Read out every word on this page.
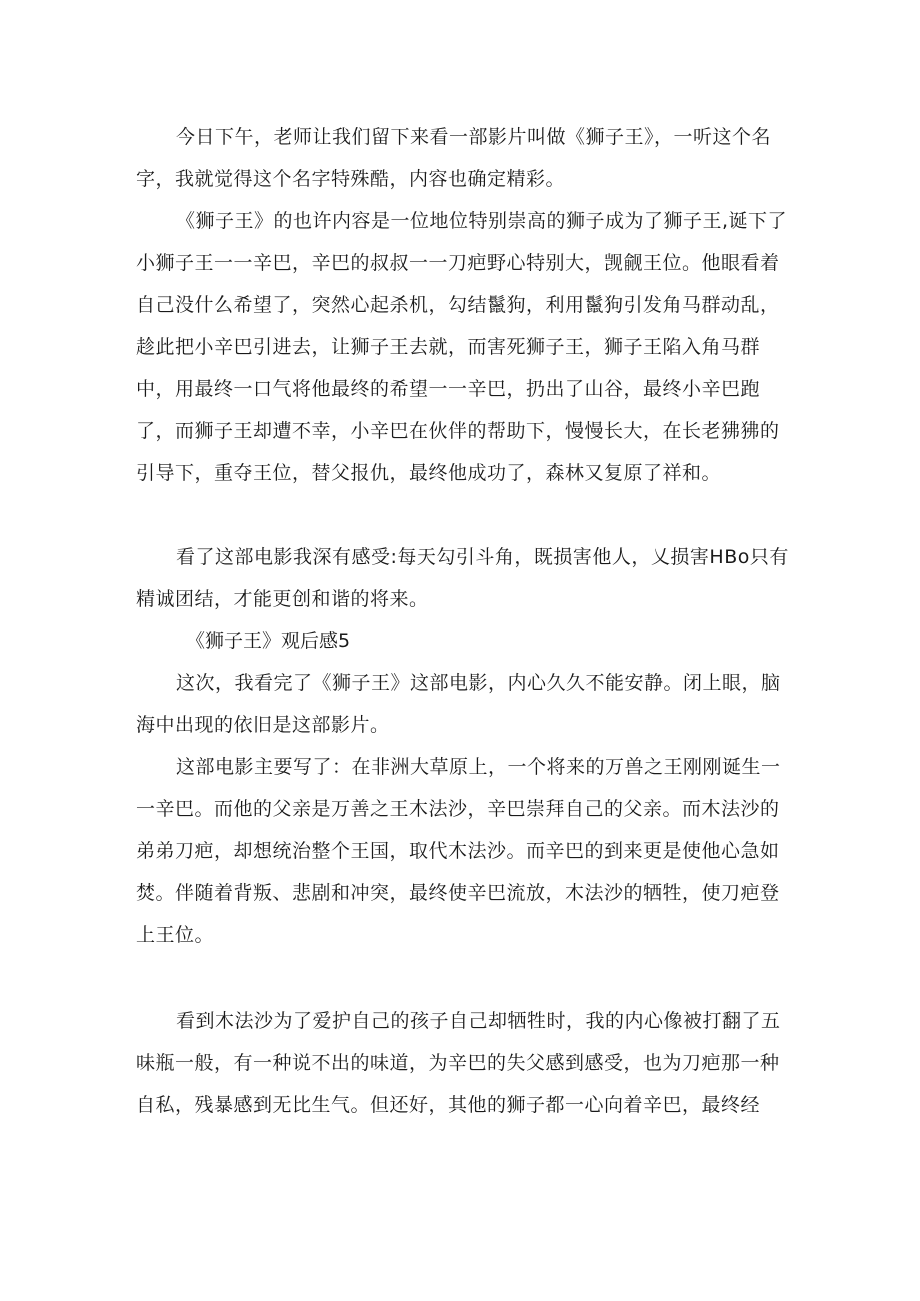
今日下午，老师让我们留下来看一部影片叫做《狮子王》，一听这个名字，我就觉得这个名字特殊酷，内容也确定精彩。

《狮子王》的也许内容是一位地位特别崇高的狮子成为了狮子王,诞下了小狮子王一一辛巴，辛巴的叔叔一一刀疤野心特别大，觊觎王位。他眼看着自己没什么希望了，突然心起杀机，勾结鬣狗，利用鬣狗引发角马群动乱，趁此把小辛巴引进去，让狮子王去就，而害死狮子王，狮子王陷入角马群中，用最终一口气将他最终的希望一一辛巴，扔出了山谷，最终小辛巴跑了，而狮子王却遭不幸，小辛巴在伙伴的帮助下，慢慢长大，在长老狒狒的引导下，重夺王位，替父报仇，最终他成功了，森林又复原了祥和。

看了这部电影我深有感受:每天勾引斗角，既损害他人，乂损害HBo只有精诚团结，才能更创和谐的将来。

《狮子王》观后感5

这次，我看完了《狮子王》这部电影，内心久久不能安静。闭上眼，脑海中出现的依旧是这部影片。

这部电影主要写了：在非洲大草原上，一个将来的万兽之王刚刚诞生一一辛巴。而他的父亲是万善之王木法沙，辛巴崇拜自己的父亲。而木法沙的弟弟刀疤，却想统治整个王国，取代木法沙。而辛巴的到来更是使他心急如焚。伴随着背叛、悲剧和冲突，最终使辛巴流放，木法沙的牺牲，使刀疤登上王位。

看到木法沙为了爱护自己的孩子自己却牺牲时，我的内心像被打翻了五味瓶一般，有一种说不出的味道，为辛巴的失父感到感受，也为刀疤那一种自私，残暴感到无比生气。但还好，其他的狮子都一心向着辛巴，最终经
